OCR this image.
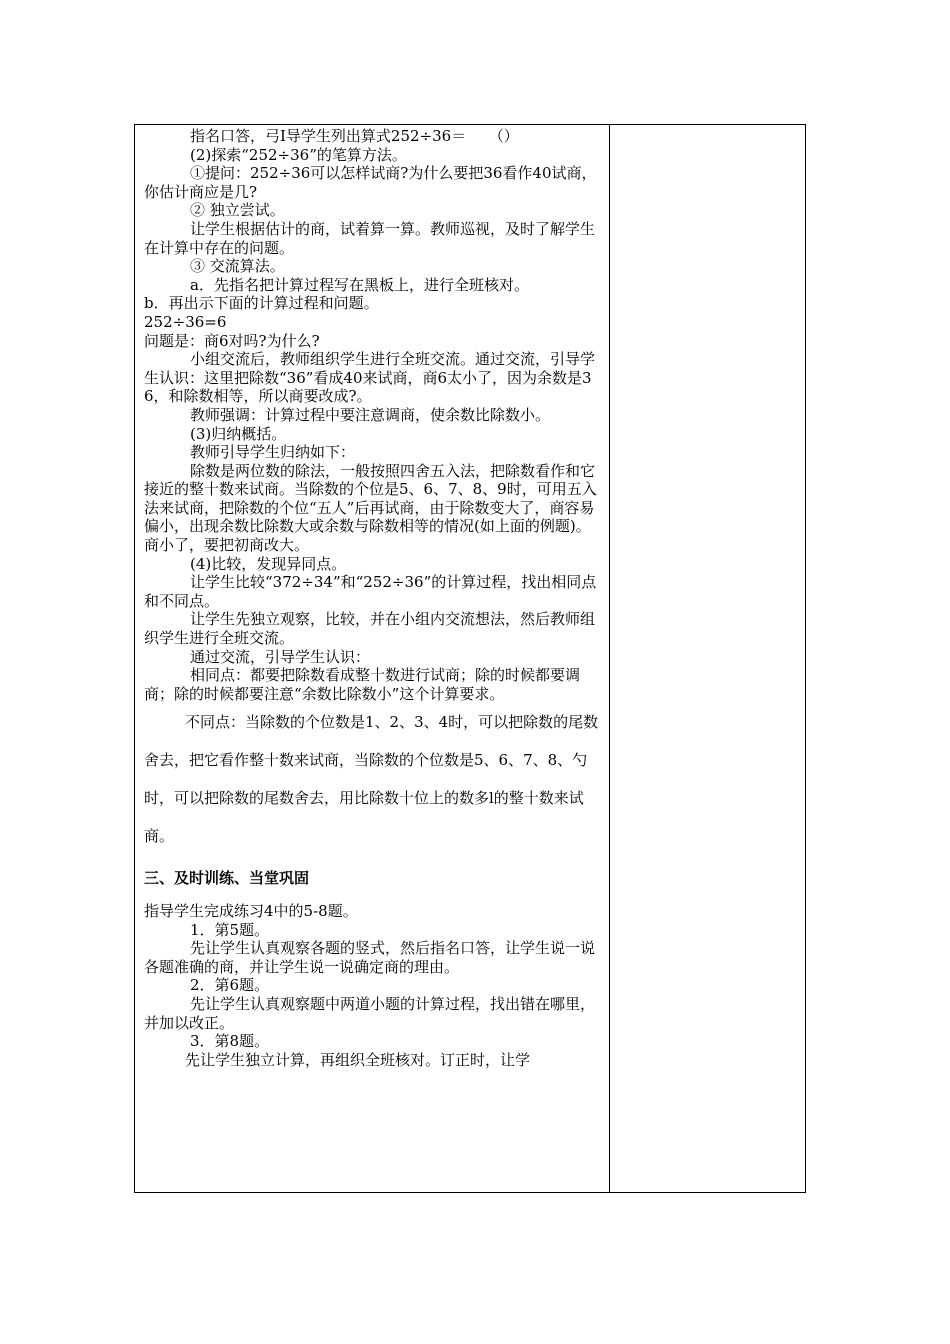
指名口答，弓I导学生列出算式252÷36＝　　（）

(2)探索“252÷36”的笔算方法。

①提问：252÷36可以怎样试商?为什么要把36看作40试商，你估计商应是几?

② 独立尝试。

让学生根据估计的商，试着算一算。教师巡视，及时了解学生在计算中存在的问题。

③ 交流算法。

a．先指名把计算过程写在黑板上，进行全班核对。

b．再出示下面的计算过程和问题。

252÷36=6

问题是：商6对吗?为什么?

小组交流后，教师组织学生进行全班交流。通过交流，引导学生认识：这里把除数“36”看成40来试商，商6太小了，因为余数是36，和除数相等，所以商要改成?。

教师强调：计算过程中要注意调商，使余数比除数小。

(3)归纳概括。

教师引导学生归纳如下：

除数是两位数的除法，一般按照四舍五入法，把除数看作和它接近的整十数来试商。当除数的个位是5、6、7、8、9时，可用五入法来试商，把除数的个位“五人”后再试商，由于除数变大了，商容易偏小，出现余数比除数大或余数与除数相等的情况(如上面的例题)。商小了，要把初商改大。

(4)比较，发现异同点。

让学生比较“372÷34”和“252÷36”的计算过程，找出相同点和不同点。

让学生先独立观察，比较，并在小组内交流想法，然后教师组织学生进行全班交流。

通过交流，引导学生认识：

相同点：都要把除数看成整十数进行试商；除的时候都要调商；除的时候都要注意“余数比除数小”这个计算要求。

不同点：当除数的个位数是1、2、3、4时，可以把除数的尾数舍去，把它看作整十数来试商，当除数的个位数是5、6、7、8、勺时，可以把除数的尾数舍去，用比除数十位上的数多l的整十数来试商。

三、及时训练、当堂巩固

指导学生完成练习4中的5-8题。

1．第5题。

先让学生认真观察各题的竖式，然后指名口答，让学生说一说各题准确的商，并让学生说一说确定商的理由。

2．第6题。

先让学生认真观察题中两道小题的计算过程，找出错在哪里，并加以改正。

3．第8题。

先让学生独立计算，再组织全班核对。订正时，让学
